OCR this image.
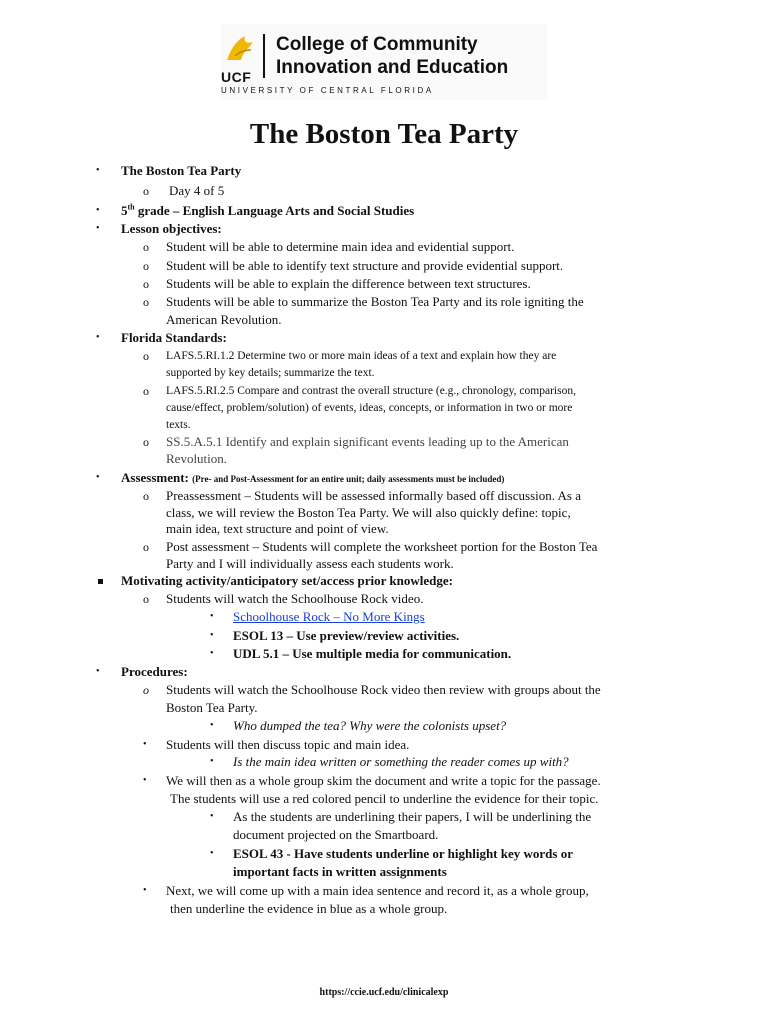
UCF
College of Community
Innovation and Education
UNIVERSITY OF CENTRAL FLORIDA
The Boston Tea Party
• The Boston Tea Party
o Day 4 of 5
• 5th grade – English Language Arts and Social Studies
• Lesson objectives:
o Student will be able to determine main idea and evidential support.
o Student will be able to identify text structure and provide evidential support.
o Students will be able to explain the difference between text structures.
o Students will be able to summarize the Boston Tea Party and its role igniting the
American Revolution.
• Florida Standards:
o LAFS.5.RI.1.2 Determine two or more main ideas of a text and explain how they are
supported by key details; summarize the text.
o LAFS.5.RI.2.5 Compare and contrast the overall structure (e.g., chronology, comparison,
cause/effect, problem/solution) of events, ideas, concepts, or information in two or more
texts.
o SS.5.A.5.1 Identify and explain significant events leading up to the American
Revolution.
• Assessment: (Pre- and Post-Assessment for an entire unit; daily assessments must be included)
o Preassessment – Students will be assessed informally based off discussion. As a
class, we will review the Boston Tea Party. We will also quickly define: topic,
main idea, text structure and point of view.
o Post assessment – Students will complete the worksheet portion for the Boston Tea
Party and I will individually assess each students work.
Motivating activity/anticipatory set/access prior knowledge:
o Students will watch the Schoolhouse Rock video.
• Schoolhouse Rock – No More Kings
• ESOL 13 – Use preview/review activities.
• UDL 5.1 – Use multiple media for communication.
• Procedures:
o Students will watch the Schoolhouse Rock video then review with groups about the
Boston Tea Party.
• Who dumped the tea? Why were the colonists upset?
• Students will then discuss topic and main idea.
• Is the main idea written or something the reader comes up with?
• We will then as a whole group skim the document and write a topic for the passage.
The students will use a red colored pencil to underline the evidence for their topic.
• As the students are underlining their papers, I will be underlining the
document projected on the Smartboard.
• ESOL 43 - Have students underline or highlight key words or
important facts in written assignments
• Next, we will come up with a main idea sentence and record it, as a whole group,
then underline the evidence in blue as a whole group.
https://ccie.ucf.edu/clinicalexp
